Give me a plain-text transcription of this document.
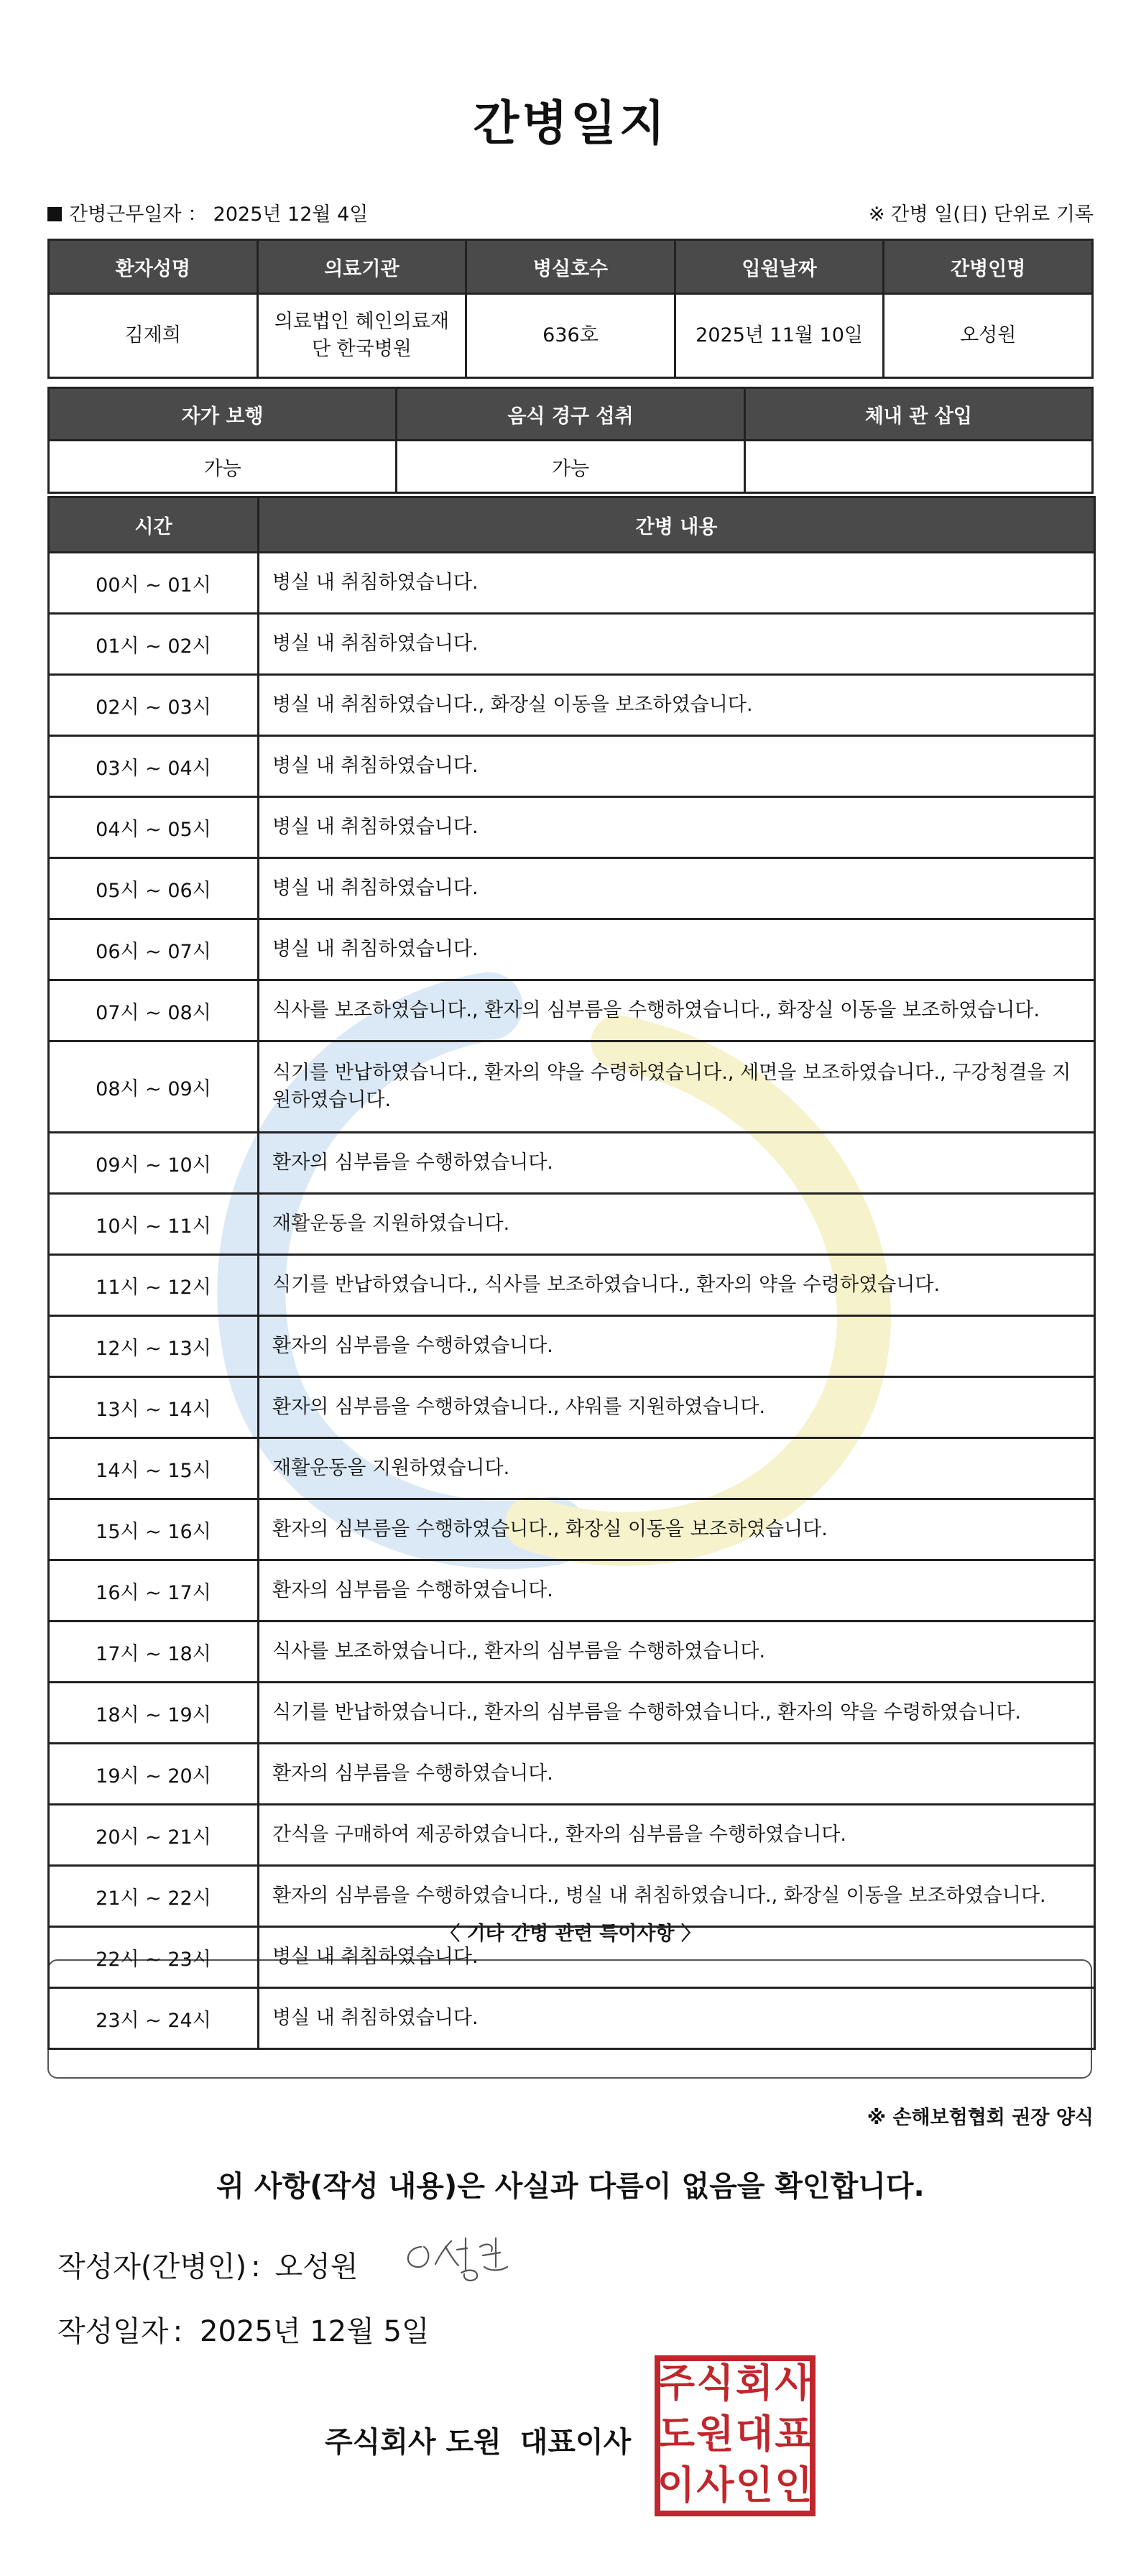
간병일지
간병근무일자 ： 2025년 12월 4일	※ 간병 일(日) 단위로 기록
환자성명	의료기관	병실호수	입원날짜	간병인명
김제희	의료법인 혜인의료재단 한국병원	636호	2025년 11월 10일	오성원
자가 보행	음식 경구 섭취	체내 관 삽입
가능	가능	
시간	간병 내용
00시 ~ 01시	병실 내 취침하였습니다.
01시 ~ 02시	병실 내 취침하였습니다.
02시 ~ 03시	병실 내 취침하였습니다., 화장실 이동을 보조하였습니다.
03시 ~ 04시	병실 내 취침하였습니다.
04시 ~ 05시	병실 내 취침하였습니다.
05시 ~ 06시	병실 내 취침하였습니다.
06시 ~ 07시	병실 내 취침하였습니다.
07시 ~ 08시	식사를 보조하였습니다., 환자의 심부름을 수행하였습니다., 화장실 이동을 보조하였습니다.
08시 ~ 09시	식기를 반납하였습니다., 환자의 약을 수령하였습니다., 세면을 보조하였습니다., 구강청결을 지원하였습니다.
09시 ~ 10시	환자의 심부름을 수행하였습니다.
10시 ~ 11시	재활운동을 지원하였습니다.
11시 ~ 12시	식기를 반납하였습니다., 식사를 보조하였습니다., 환자의 약을 수령하였습니다.
12시 ~ 13시	환자의 심부름을 수행하였습니다.
13시 ~ 14시	환자의 심부름을 수행하였습니다., 샤워를 지원하였습니다.
14시 ~ 15시	재활운동을 지원하였습니다.
15시 ~ 16시	환자의 심부름을 수행하였습니다., 화장실 이동을 보조하였습니다.
16시 ~ 17시	환자의 심부름을 수행하였습니다.
17시 ~ 18시	식사를 보조하였습니다., 환자의 심부름을 수행하였습니다.
18시 ~ 19시	식기를 반납하였습니다., 환자의 심부름을 수행하였습니다., 환자의 약을 수령하였습니다.
19시 ~ 20시	환자의 심부름을 수행하였습니다.
20시 ~ 21시	간식을 구매하여 제공하였습니다., 환자의 심부름을 수행하였습니다.
21시 ~ 22시	환자의 심부름을 수행하였습니다., 병실 내 취침하였습니다., 화장실 이동을 보조하였습니다.
22시 ~ 23시	병실 내 취침하였습니다.
23시 ~ 24시	병실 내 취침하였습니다.
〈 기타 간병 관련 특이사항 〉
※ 손해보험협회 권장 양식
위 사항(작성 내용)은 사실과 다름이 없음을 확인합니다.
작성자(간병인) : 오성원
작성일자 : 2025년 12월 5일
주식회사 도원 대표이사
주 식 회 사
도 원 대 표
이 사 인 인
